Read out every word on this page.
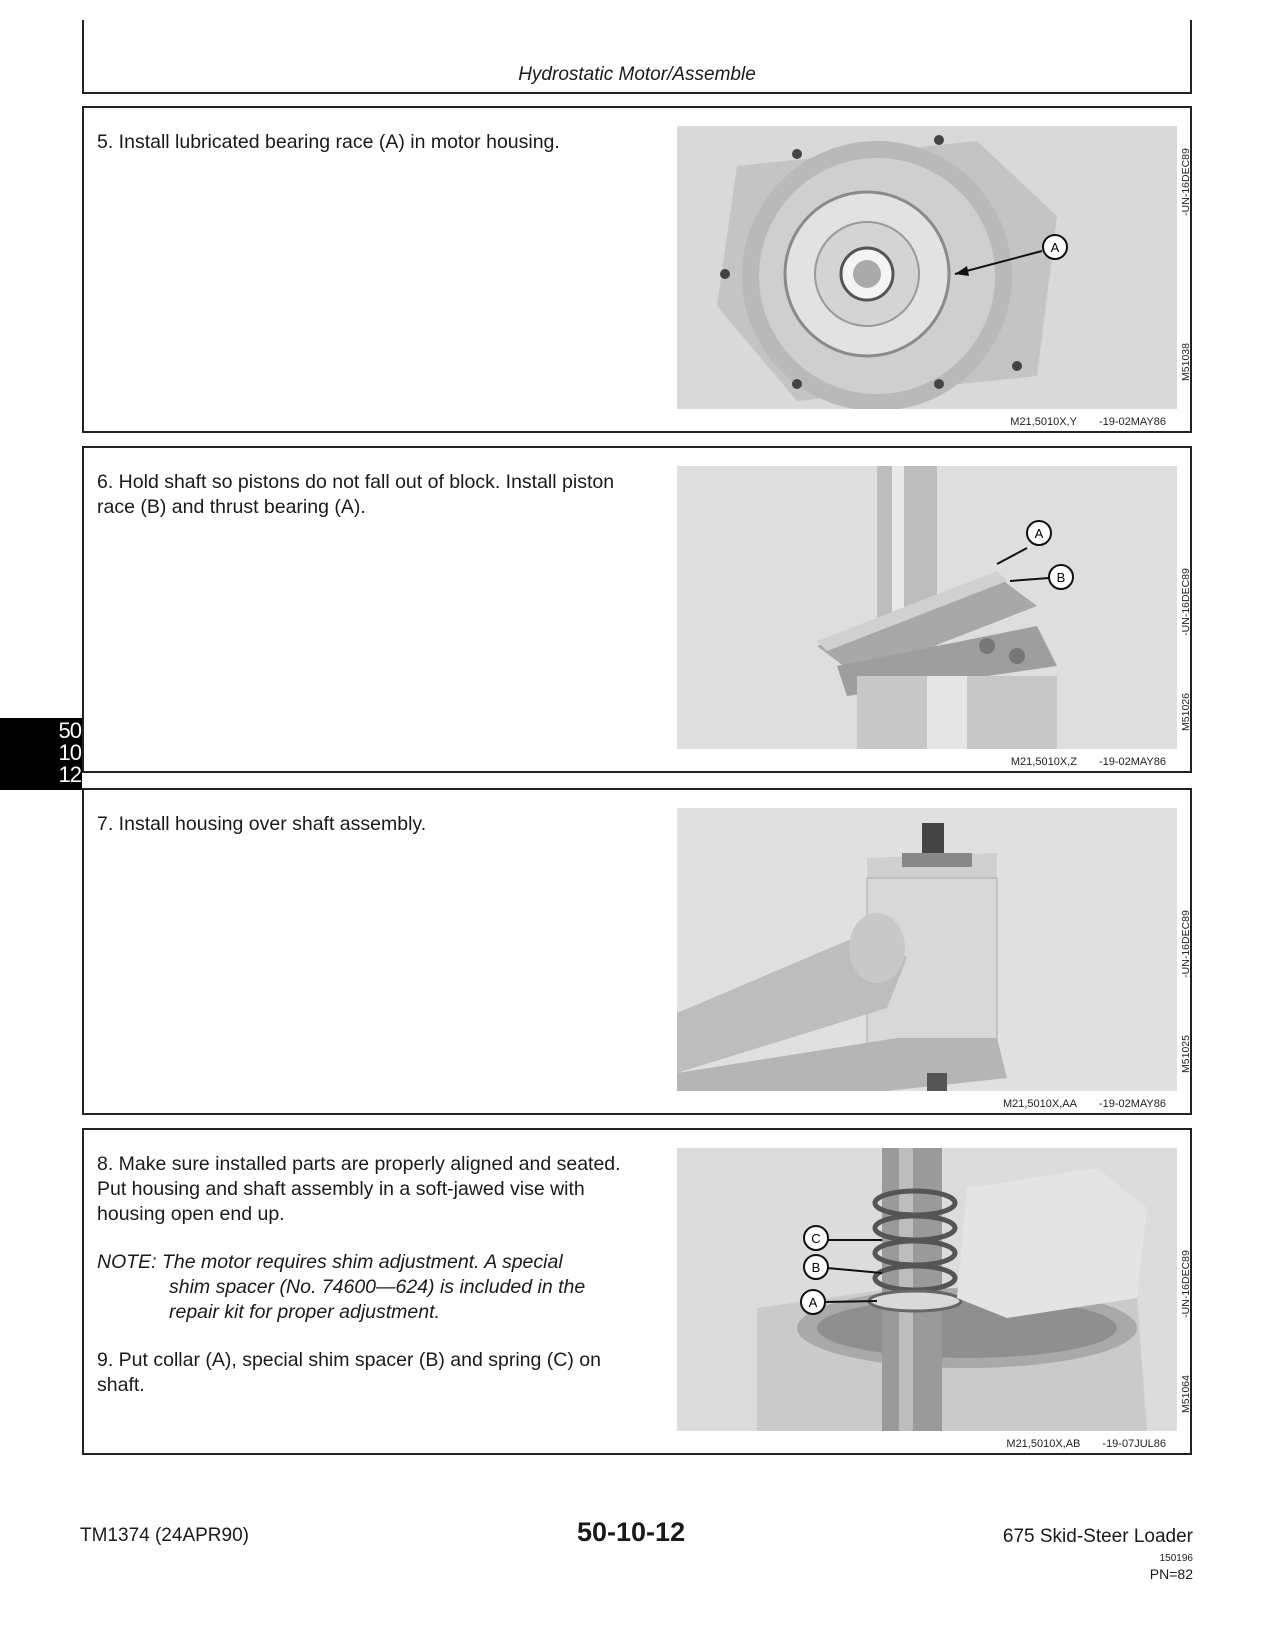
Hydrostatic Motor/Assemble
50
10
12

5. Install lubricated bearing race (A) in motor housing.

A
-UN-16DEC89
M51038
M21,5010X,Y -19-02MAY86

6. Hold shaft so pistons do not fall out of block. Install piston race (B) and thrust bearing (A).

A
B	-UN-16DEC89
M51026
M21,5010X,Z -19-02MAY86

7. Install housing over shaft assembly.

-UN-16DEC89
M51025
M21,5010X,AA -19-02MAY86

8. Make sure installed parts are properly aligned and seated. Put housing and shaft assembly in a soft-jawed vise with housing open end up.

NOTE: The motor requires shim adjustment. A special
shim spacer (No. 74600—624) is included in the repair kit for proper adjustment.

9. Put collar (A), special shim spacer (B) and spring (C) on shaft.

C
B
A	-UN-16DEC89
M51064
M21,5010X,AB -19-07JUL86
TM1374 (24APR90)	50-10-12	675 Skid-Steer Loader
150196
PN=82
